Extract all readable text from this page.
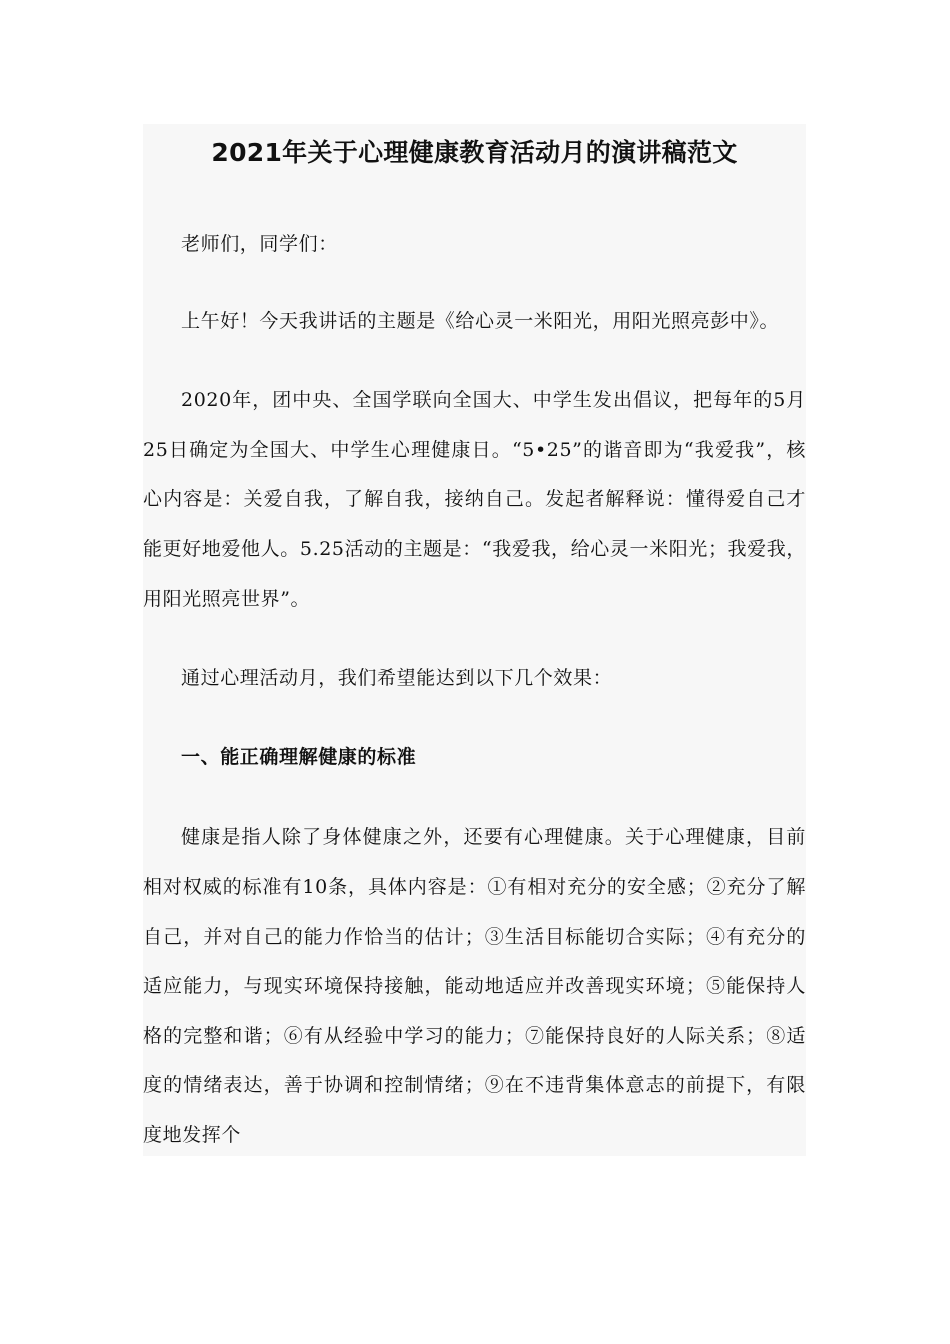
2021年关于心理健康教育活动月的演讲稿范文

老师们，同学们：

上午好！今天我讲话的主题是《给心灵一米阳光，用阳光照亮彭中》。

2020年，团中央、全国学联向全国大、中学生发出倡议，把每年的5月25日确定为全国大、中学生心理健康日。“5•25”的谐音即为“我爱我”，核心内容是：关爱自我，了解自我，接纳自己。发起者解释说：懂得爱自己才能更好地爱他人。5.25活动的主题是：“我爱我，给心灵一米阳光；我爱我，用阳光照亮世界”。

通过心理活动月，我们希望能达到以下几个效果：

一、能正确理解健康的标准

健康是指人除了身体健康之外，还要有心理健康。关于心理健康，目前相对权威的标准有10条，具体内容是：①有相对充分的安全感；②充分了解自己，并对自己的能力作恰当的估计；③生活目标能切合实际；④有充分的适应能力，与现实环境保持接触，能动地适应并改善现实环境；⑤能保持人格的完整和谐；⑥有从经验中学习的能力；⑦能保持良好的人际关系；⑧适度的情绪表达，善于协调和控制情绪；⑨在不违背集体意志的前提下，有限度地发挥个
